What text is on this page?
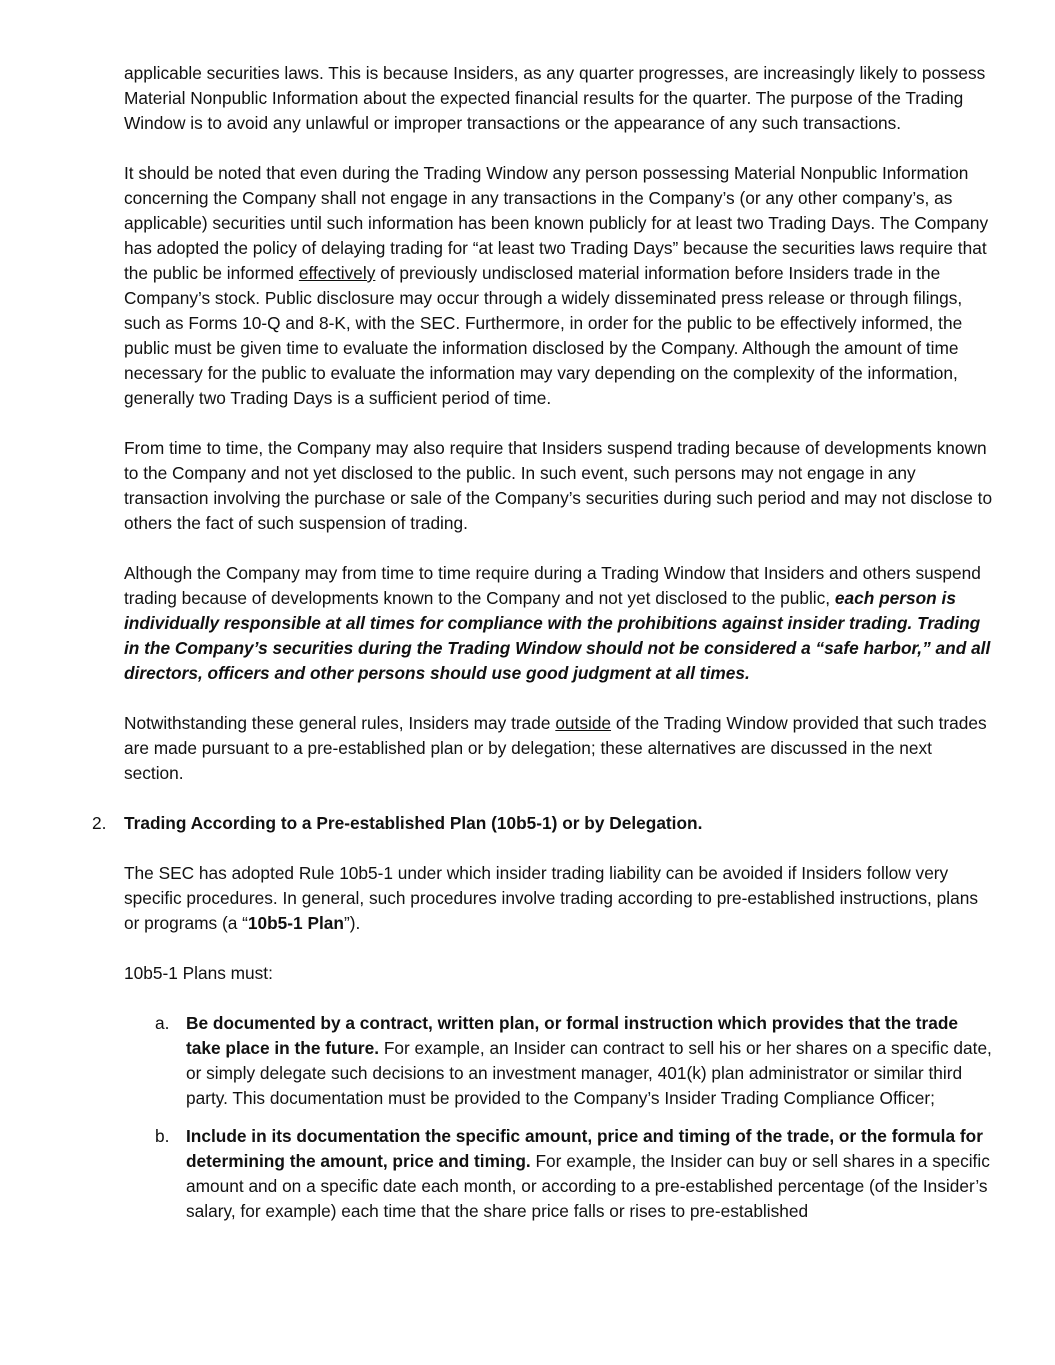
applicable securities laws. This is because Insiders, as any quarter progresses, are increasingly likely to possess Material Nonpublic Information about the expected financial results for the quarter. The purpose of the Trading Window is to avoid any unlawful or improper transactions or the appearance of any such transactions.

It should be noted that even during the Trading Window any person possessing Material Nonpublic Information concerning the Company shall not engage in any transactions in the Company’s (or any other company’s, as applicable) securities until such information has been known publicly for at least two Trading Days. The Company has adopted the policy of delaying trading for “at least two Trading Days” because the securities laws require that the public be informed effectively of previously undisclosed material information before Insiders trade in the Company’s stock. Public disclosure may occur through a widely disseminated press release or through filings, such as Forms 10-Q and 8-K, with the SEC. Furthermore, in order for the public to be effectively informed, the public must be given time to evaluate the information disclosed by the Company. Although the amount of time necessary for the public to evaluate the information may vary depending on the complexity of the information, generally two Trading Days is a sufficient period of time.

From time to time, the Company may also require that Insiders suspend trading because of developments known to the Company and not yet disclosed to the public. In such event, such persons may not engage in any transaction involving the purchase or sale of the Company’s securities during such period and may not disclose to others the fact of such suspension of trading.

Although the Company may from time to time require during a Trading Window that Insiders and others suspend trading because of developments known to the Company and not yet disclosed to the public, each person is individually responsible at all times for compliance with the prohibitions against insider trading. Trading in the Company’s securities during the Trading Window should not be considered a “safe harbor,” and all directors, officers and other persons should use good judgment at all times.

Notwithstanding these general rules, Insiders may trade outside of the Trading Window provided that such trades are made pursuant to a pre-established plan or by delegation; these alternatives are discussed in the next section.

2. Trading According to a Pre-established Plan (10b5-1) or by Delegation.

The SEC has adopted Rule 10b5-1 under which insider trading liability can be avoided if Insiders follow very specific procedures. In general, such procedures involve trading according to pre-established instructions, plans or programs (a “10b5-1 Plan”).

10b5-1 Plans must:

a. Be documented by a contract, written plan, or formal instruction which provides that the trade take place in the future. For example, an Insider can contract to sell his or her shares on a specific date, or simply delegate such decisions to an investment manager, 401(k) plan administrator or similar third party. This documentation must be provided to the Company’s Insider Trading Compliance Officer;
b. Include in its documentation the specific amount, price and timing of the trade, or the formula for determining the amount, price and timing. For example, the Insider can buy or sell shares in a specific amount and on a specific date each month, or according to a pre-established percentage (of the Insider’s salary, for example) each time that the share price falls or rises to pre-established
